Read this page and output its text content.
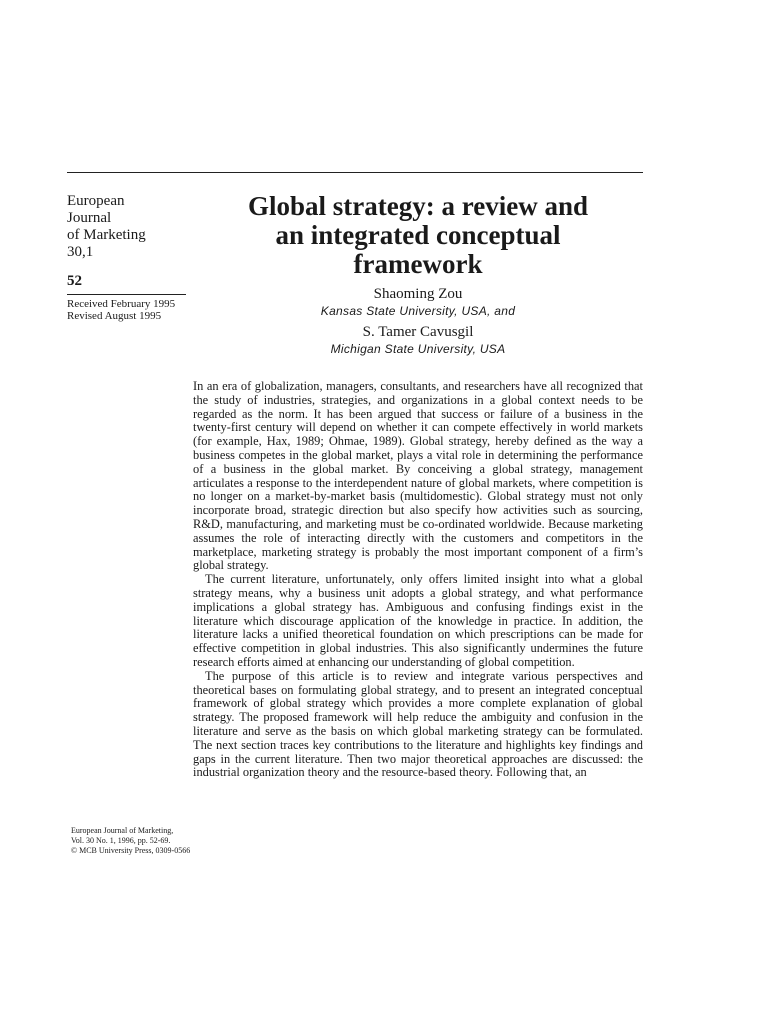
European
Journal
of Marketing
30,1
52
Received February 1995
Revised August 1995
Global strategy: a review and
an integrated conceptual
framework
Shaoming Zou
Kansas State University, USA, and
S. Tamer Cavusgil
Michigan State University, USA

In an era of globalization, managers, consultants, and researchers have all recognized that the study of industries, strategies, and organizations in a global context needs to be regarded as the norm. It has been argued that success or failure of a business in the twenty-first century will depend on whether it can compete effectively in world markets (for example, Hax, 1989; Ohmae, 1989). Global strategy, hereby defined as the way a business competes in the global market, plays a vital role in determining the performance of a business in the global market. By conceiving a global strategy, management articulates a response to the interdependent nature of global markets, where competition is no longer on a market-by-market basis (multidomestic). Global strategy must not only incorporate broad, strategic direction but also specify how activities such as sourcing, R&D, manufacturing, and marketing must be co-ordinated worldwide. Because marketing assumes the role of interacting directly with the customers and competitors in the marketplace, marketing strategy is probably the most important component of a firm’s global strategy.

The current literature, unfortunately, only offers limited insight into what a global strategy means, why a business unit adopts a global strategy, and what performance implications a global strategy has. Ambiguous and confusing findings exist in the literature which discourage application of the knowledge in practice. In addition, the literature lacks a unified theoretical foundation on which prescriptions can be made for effective competition in global industries. This also significantly undermines the future research efforts aimed at enhancing our understanding of global competition.

The purpose of this article is to review and integrate various perspectives and theoretical bases on formulating global strategy, and to present an integrated conceptual framework of global strategy which provides a more complete explanation of global strategy. The proposed framework will help reduce the ambiguity and confusion in the literature and serve as the basis on which global marketing strategy can be formulated. The next section traces key contributions to the literature and highlights key findings and gaps in the current literature. Then two major theoretical approaches are discussed: the industrial organization theory and the resource-based theory. Following that, an

European Journal of Marketing,
Vol. 30 No. 1, 1996, pp. 52-69.
© MCB University Press, 0309-0566
